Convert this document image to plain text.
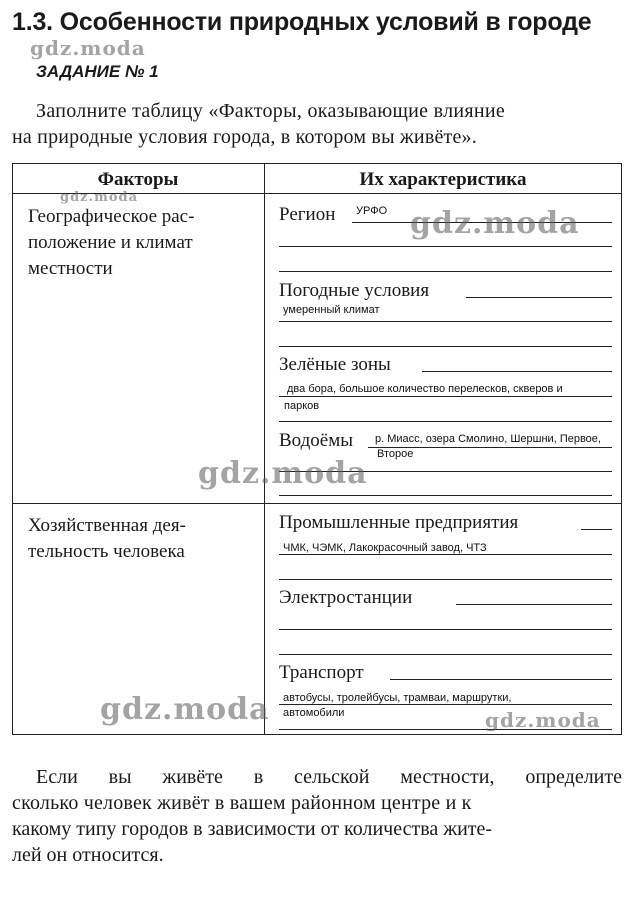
1.3. Особенности природных условий в городе
ЗАДАНИЕ № 1
Заполните таблицу «Факторы, оказывающие влияние
на природные условия города, в котором вы живёте».
Факторы	Их характеристика
Географическое рас-
положение и климат
местности
Хозяйственная дея-
тельность человека
Регион УРФО
Погодные условия
умеренный климат
Зелёные зоны
два бора, большое количество перелесков, скверов и
парков
Водоёмы р. Миасс, озера Смолино, Шершни, Первое,
Второе
Промышленные предприятия
ЧМК, ЧЭМК, Лакокрасочный завод, ЧТЗ
Электростанции
Транспорт
автобусы, тролейбусы, трамваи, маршрутки,
автомобили
Если вы живёте в сельской местности, определите
сколько человек живёт в вашем районном центре и к
какому типу городов в зависимости от количества жите-
лей он относится.
gdz.moda
gdz.moda
gdz.moda
gdz.moda
gdz.moda	gdz.moda
